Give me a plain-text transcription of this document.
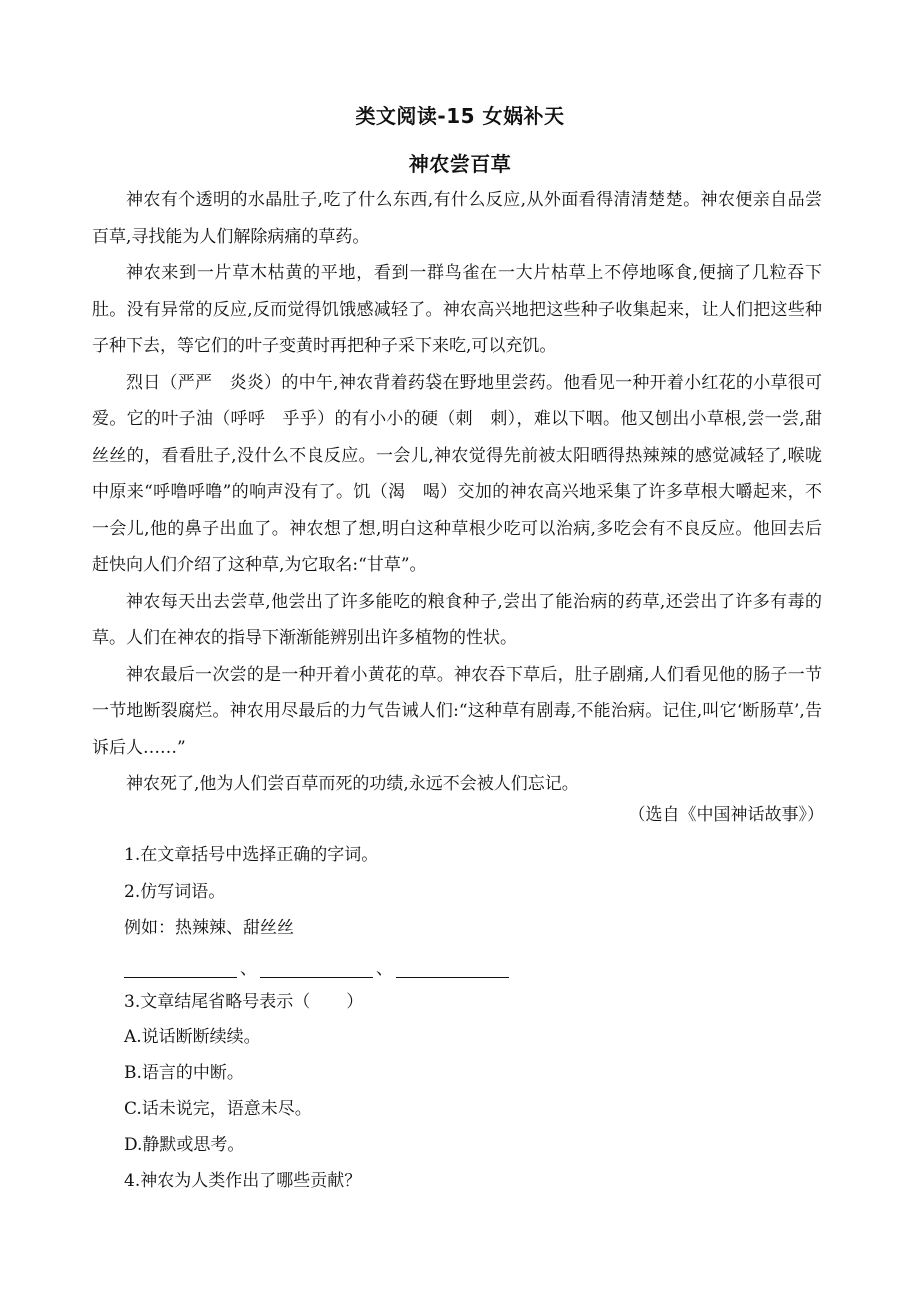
类文阅读-15 女娲补天
神农尝百草

神农有个透明的水晶肚子,吃了什么东西,有什么反应,从外面看得清清楚楚。神农便亲自品尝百草,寻找能为人们解除病痛的草药。

神农来到一片草木枯黄的平地，看到一群鸟雀在一大片枯草上不停地啄食,便摘了几粒吞下肚。没有异常的反应,反而觉得饥饿感减轻了。神农高兴地把这些种子收集起来，让人们把这些种子种下去，等它们的叶子变黄时再把种子采下来吃,可以充饥。

烈日（严严　炎炎）的中午,神农背着药袋在野地里尝药。他看见一种开着小红花的小草很可爱。它的叶子油（呼呼　乎乎）的有小小的硬（刺　刺），难以下咽。他又刨出小草根,尝一尝,甜丝丝的，看看肚子,没什么不良反应。一会儿,神农觉得先前被太阳晒得热辣辣的感觉减轻了,喉咙中原来“呼噜呼噜”的响声没有了。饥（渴　喝）交加的神农高兴地采集了许多草根大嚼起来，不一会儿,他的鼻子出血了。神农想了想,明白这种草根少吃可以治病,多吃会有不良反应。他回去后赶快向人们介绍了这种草,为它取名:“甘草”。

神农每天出去尝草,他尝出了许多能吃的粮食种子,尝出了能治病的药草,还尝出了许多有毒的草。人们在神农的指导下渐渐能辨别出许多植物的性状。

神农最后一次尝的是一种开着小黄花的草。神农吞下草后，肚子剧痛,人们看见他的肠子一节一节地断裂腐烂。神农用尽最后的力气告诫人们:“这种草有剧毒,不能治病。记住,叫它‘断肠草’,告诉后人……”

神农死了,他为人们尝百草而死的功绩,永远不会被人们忘记。

（选自《中国神话故事》）
1.在文章括号中选择正确的字词。
2.仿写词语。
例如：热辣辣、甜丝丝
、	、
3.文章结尾省略号表示（ ）
A.说话断断续续。
B.语言的中断。
C.话未说完，语意未尽。
D.静默或思考。
4.神农为人类作出了哪些贡献？
